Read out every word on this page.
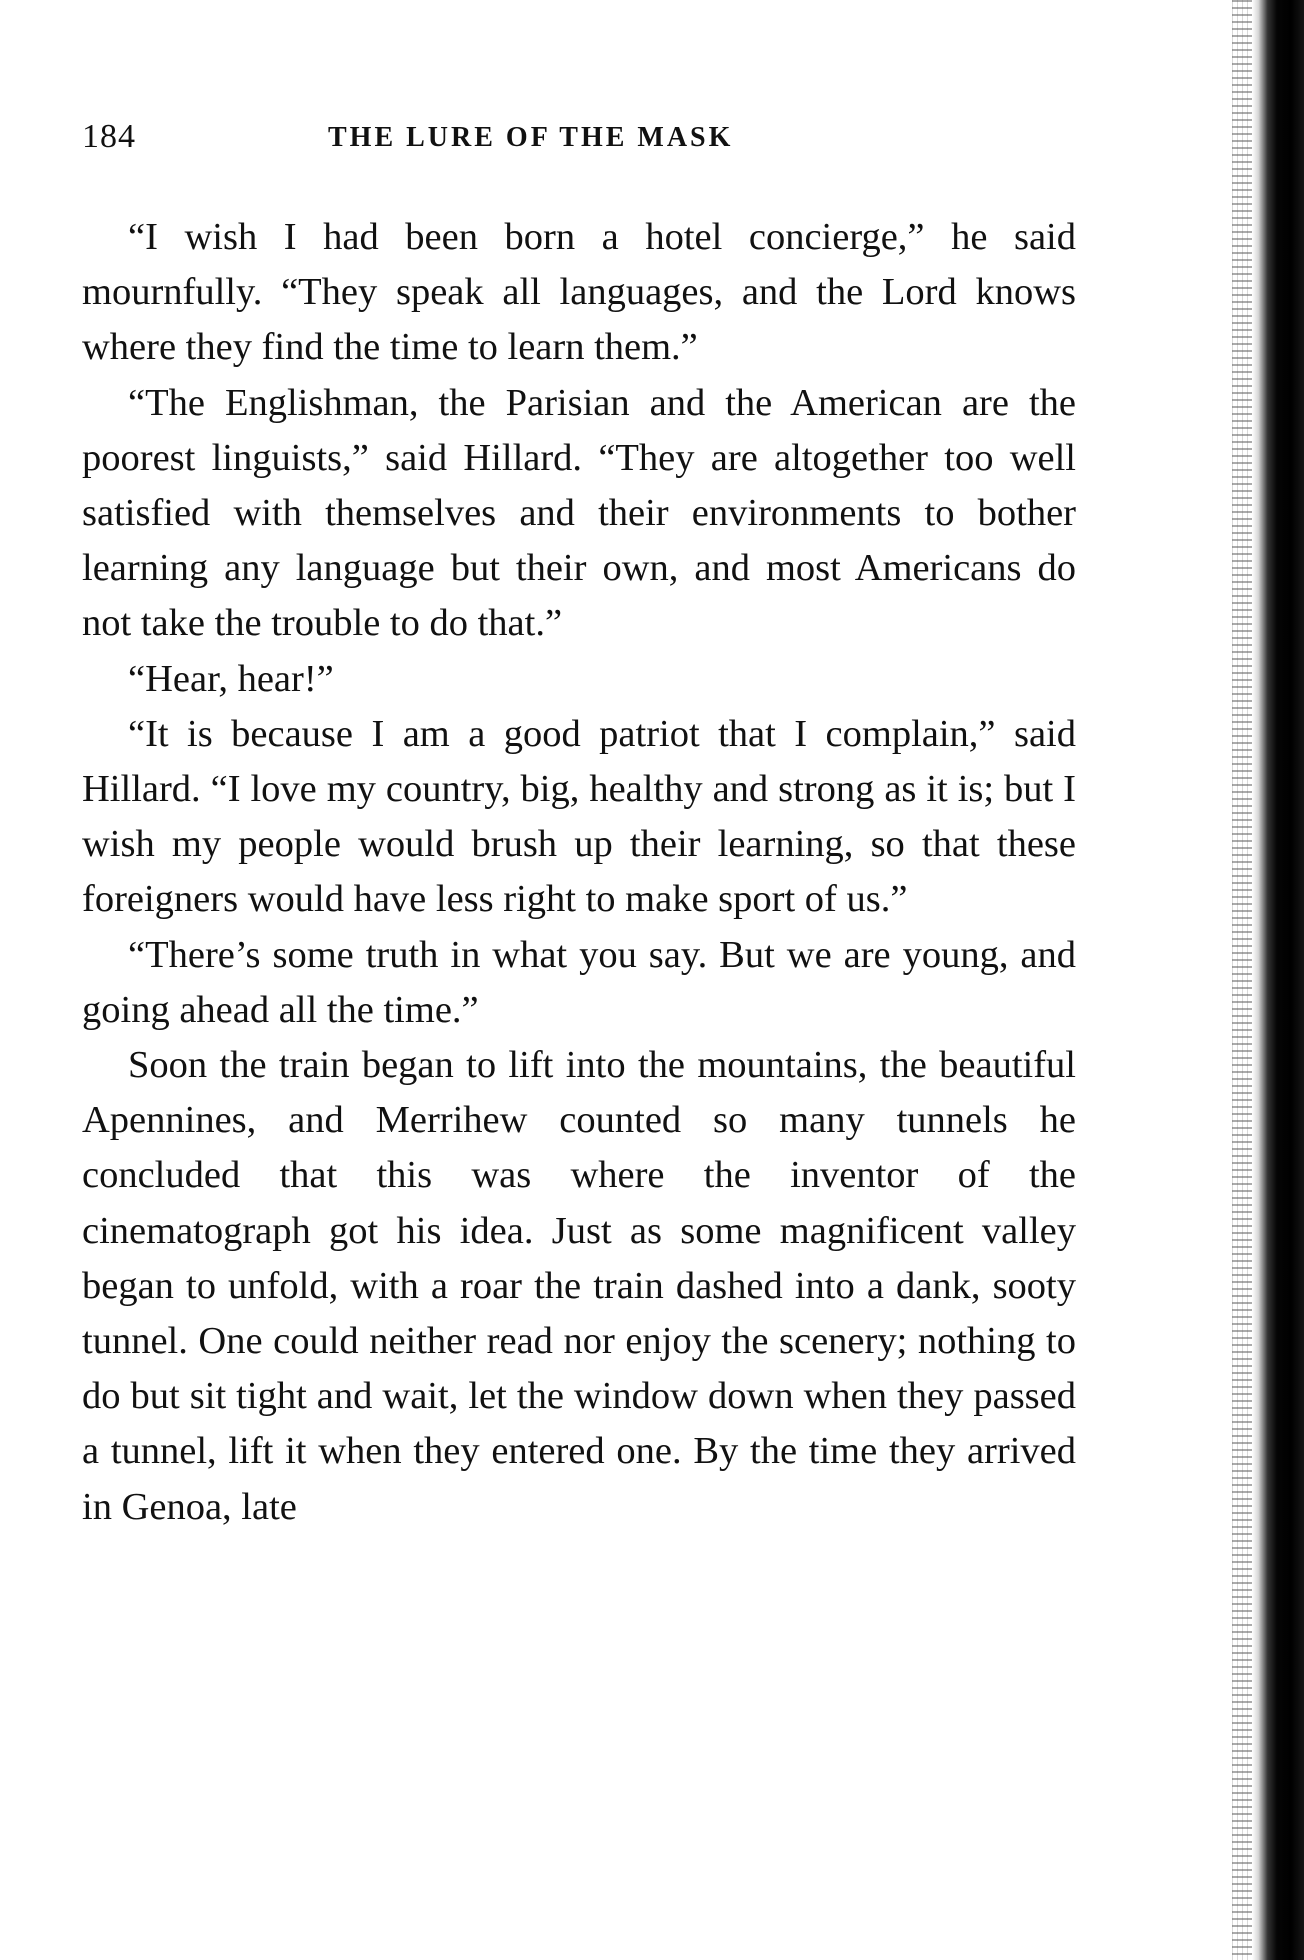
184	THE LURE OF THE MASK

“I wish I had been born a hotel concierge,” he said mournfully. “They speak all languages, and the Lord knows where they find the time to learn them.”

“The Englishman, the Parisian and the American are the poorest linguists,” said Hillard. “They are altogether too well satisfied with themselves and their environments to bother learning any language but their own, and most Americans do not take the trouble to do that.”

“Hear, hear!”

“It is because I am a good patriot that I complain,” said Hillard. “I love my country, big, healthy and strong as it is; but I wish my people would brush up their learning, so that these foreigners would have less right to make sport of us.”

“There’s some truth in what you say. But we are young, and going ahead all the time.”

Soon the train began to lift into the mountains, the beautiful Apennines, and Merrihew counted so many tunnels he concluded that this was where the inventor of the cinematograph got his idea. Just as some magnificent valley began to unfold, with a roar the train dashed into a dank, sooty tunnel. One could neither read nor enjoy the scenery; nothing to do but sit tight and wait, let the window down when they passed a tunnel, lift it when they entered one. By the time they arrived in Genoa, late
